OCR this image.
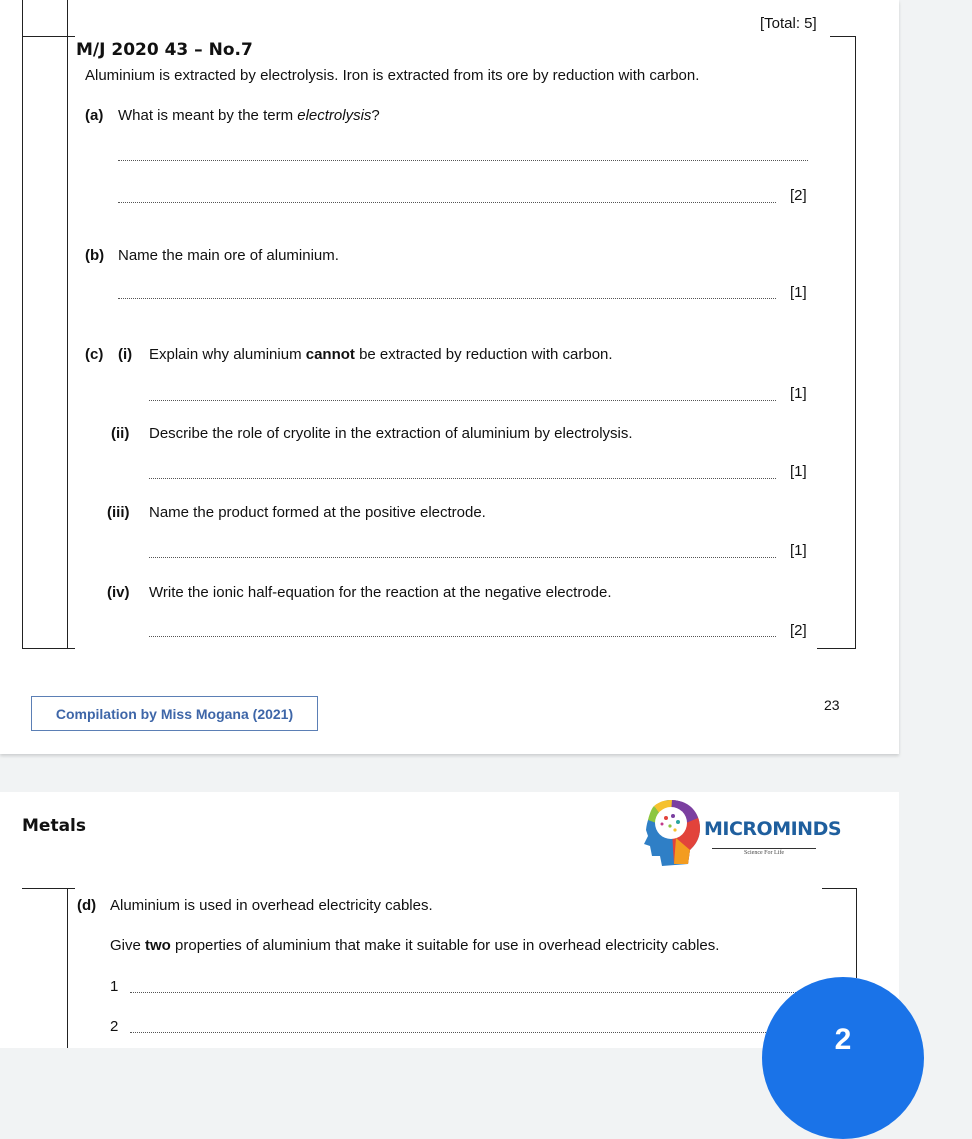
[Total: 5]
M/J 2020 43 – No.7
Aluminium is extracted by electrolysis. Iron is extracted from its ore by reduction with carbon.
(a) What is meant by the term electrolysis?
[2]
(b) Name the main ore of aluminium.
[1]
(c) (i) Explain why aluminium cannot be extracted by reduction with carbon.
[1]
(ii) Describe the role of cryolite in the extraction of aluminium by electrolysis.
[1]
(iii) Name the product formed at the positive electrode.
[1]
(iv) Write the ionic half-equation for the reaction at the negative electrode.
[2]
Compilation by Miss Mogana (2021)
23
Metals	MICROMINDS
Science For Life
(d) Aluminium is used in overhead electricity cables.
Give two properties of aluminium that make it suitable for use in overhead electricity cables.
1
2	2
